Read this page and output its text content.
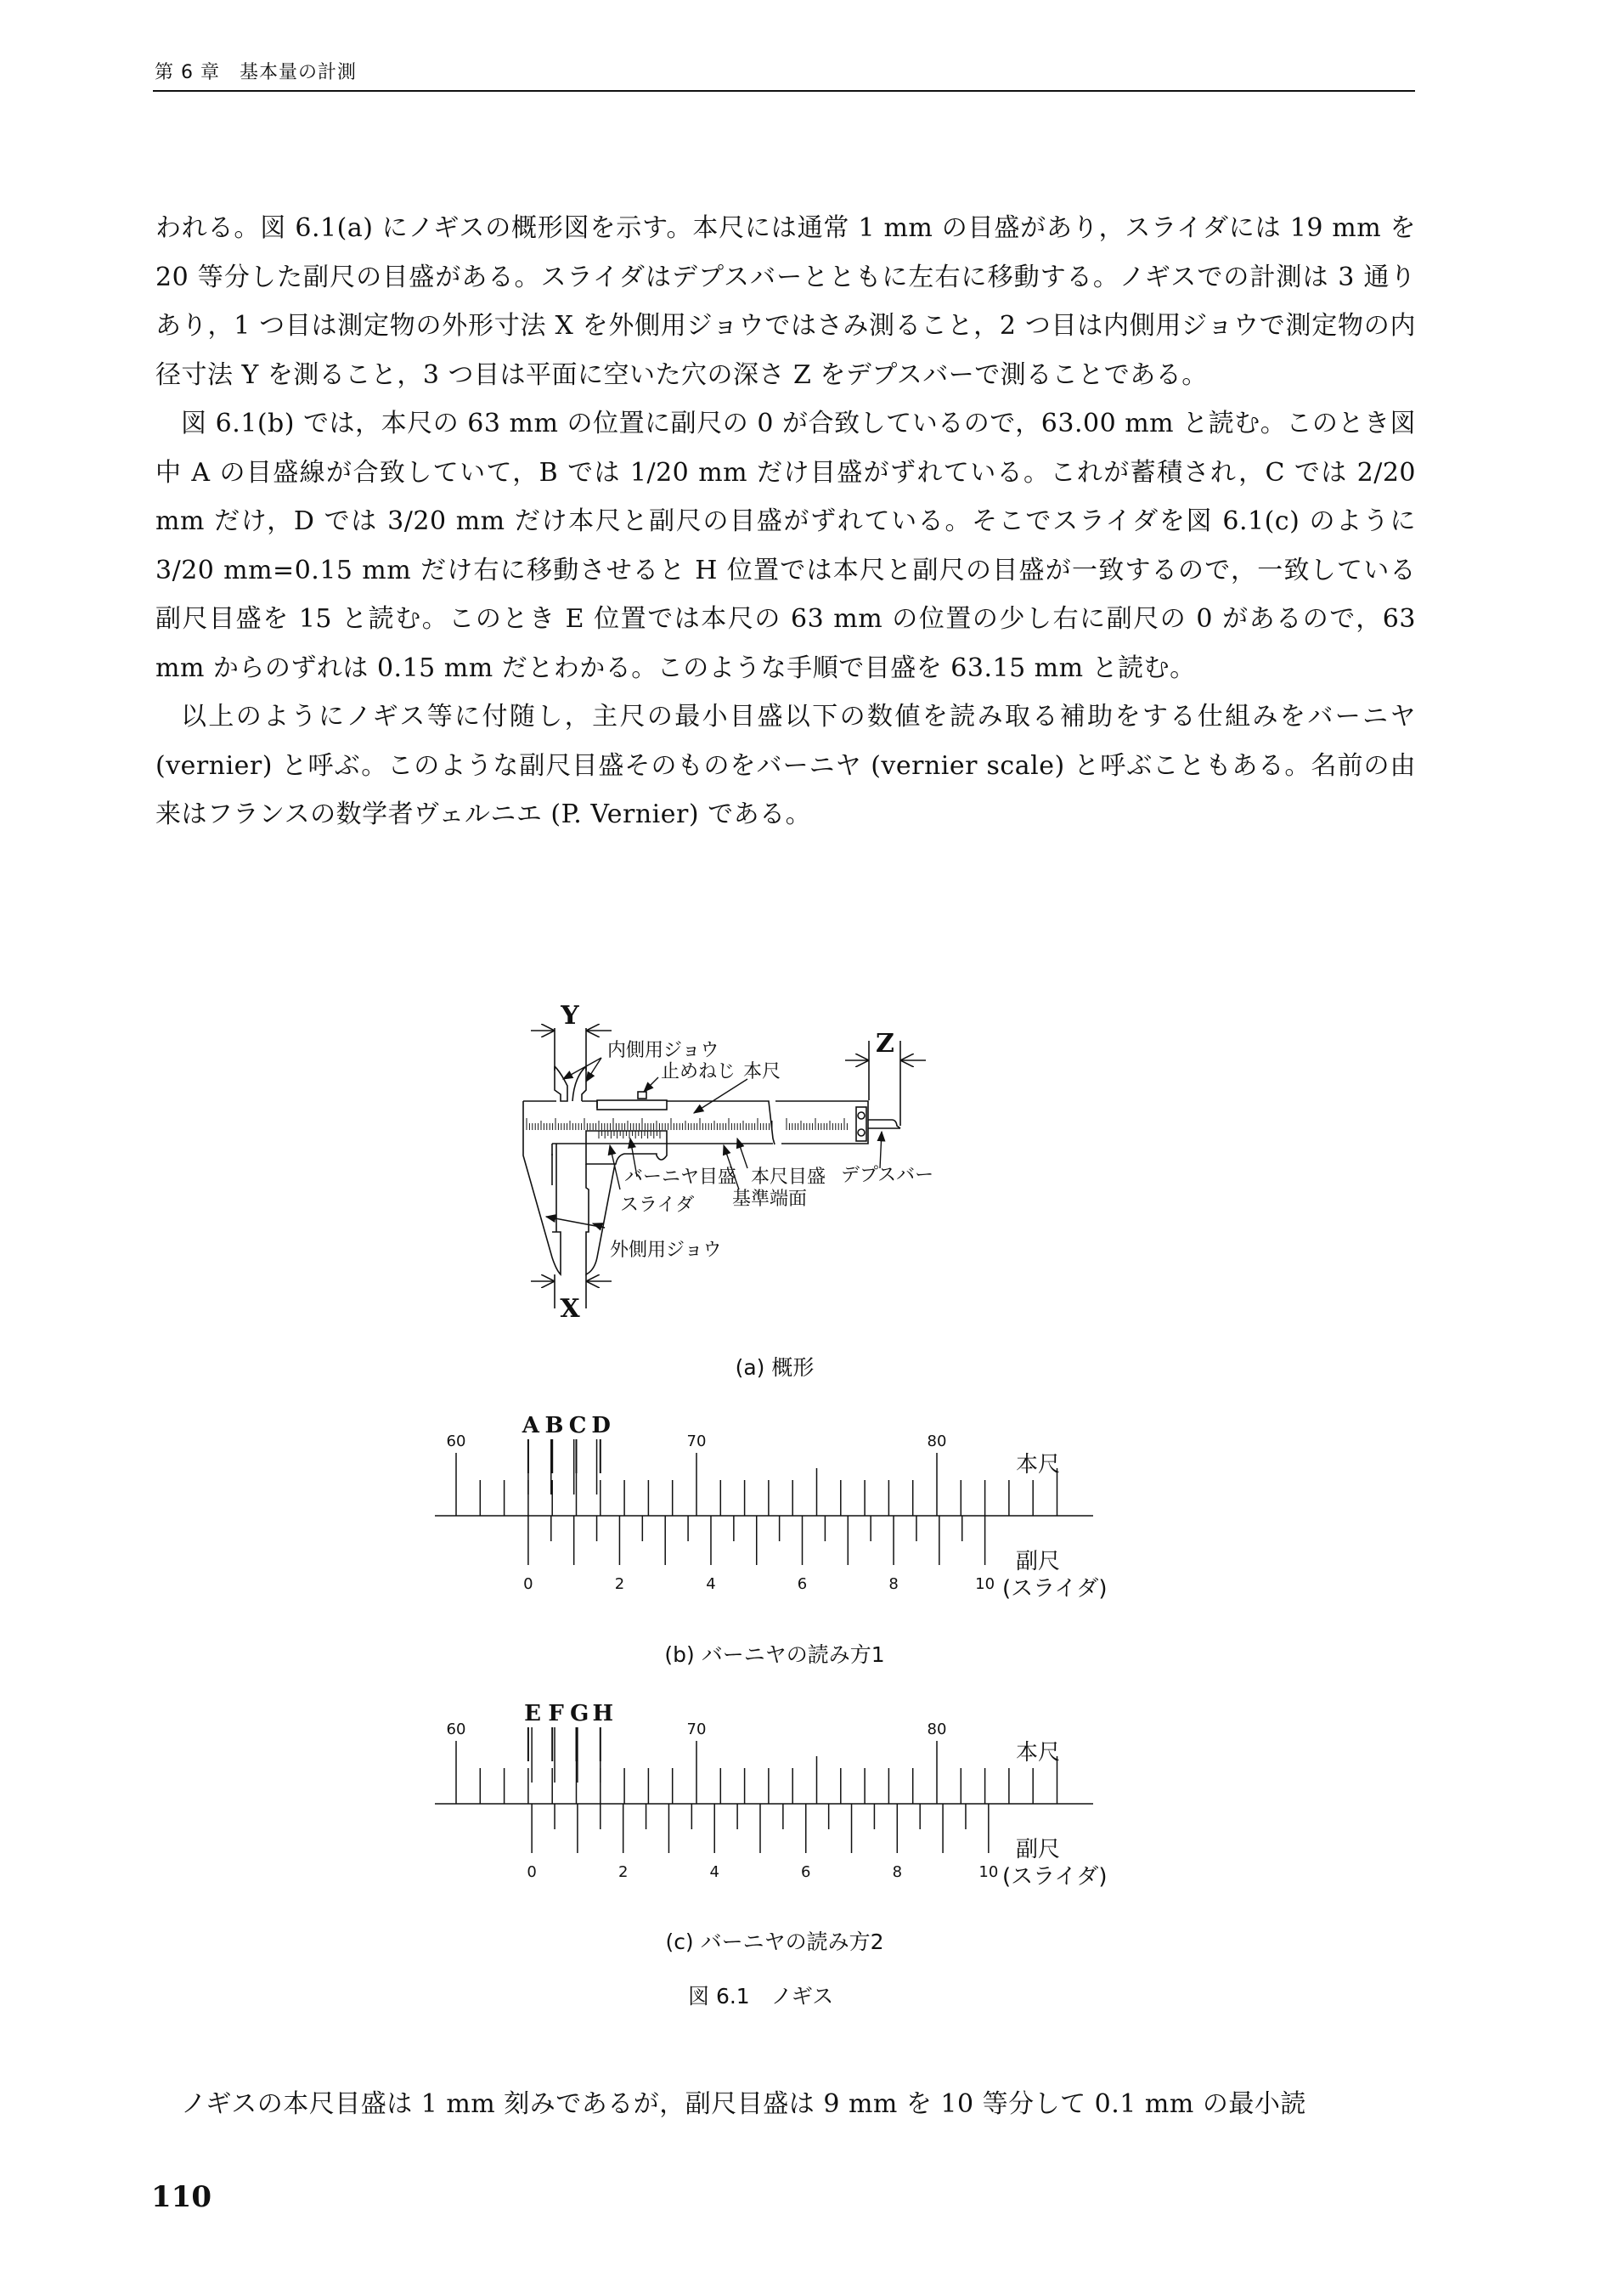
第 6 章　基本量の計測

われる。図 6.1(a) にノギスの概形図を示す。本尺には通常 1 mm の目盛があり，スライダには 19 mm を 20 等分した副尺の目盛がある。スライダはデプスバーとともに左右に移動する。ノギスでの計測は 3 通りあり，1 つ目は測定物の外形寸法 X を外側用ジョウではさみ測ること，2 つ目は内側用ジョウで測定物の内径寸法 Y を測ること，3 つ目は平面に空いた穴の深さ Z をデプスバーで測ることである。

図 6.1(b) では，本尺の 63 mm の位置に副尺の 0 が合致しているので，63.00 mm と読む。このとき図中 A の目盛線が合致していて，B では 1/20 mm だけ目盛がずれている。これが蓄積され，C では 2/20 mm だけ，D では 3/20 mm だけ本尺と副尺の目盛がずれている。そこでスライダを図 6.1(c) のように 3/20 mm=0.15 mm だけ右に移動させると H 位置では本尺と副尺の目盛が一致するので，一致している副尺目盛を 15 と読む。このとき E 位置では本尺の 63 mm の位置の少し右に副尺の 0 があるので，63 mm からのずれは 0.15 mm だとわかる。このような手順で目盛を 63.15 mm と読む。

以上のようにノギス等に付随し，主尺の最小目盛以下の数値を読み取る補助をする仕組みをバーニヤ (vernier) と呼ぶ。このような副尺目盛そのものをバーニヤ (vernier scale) と呼ぶこともある。名前の由来はフランスの数学者ヴェルニエ (P. Vernier) である。

Y
Z
X
内側用ジョウ
止めねじ 本尺
バーニヤ目盛 本尺目盛
基準端面
デプスバー
スライダ
外側用ジョウ
60	70	80
0	2	4	6	8	10
A B C D
本尺
副尺
(スライダ)
60	70	80
0	2	4	6	8	10
E F G H
本尺
副尺
(スライダ)
(a) 概形
(b) バーニヤの読み方1
(c) バーニヤの読み方2
図 6.1　ノギス

ノギスの本尺目盛は 1 mm 刻みであるが，副尺目盛は 9 mm を 10 等分して 0.1 mm の最小読

110
